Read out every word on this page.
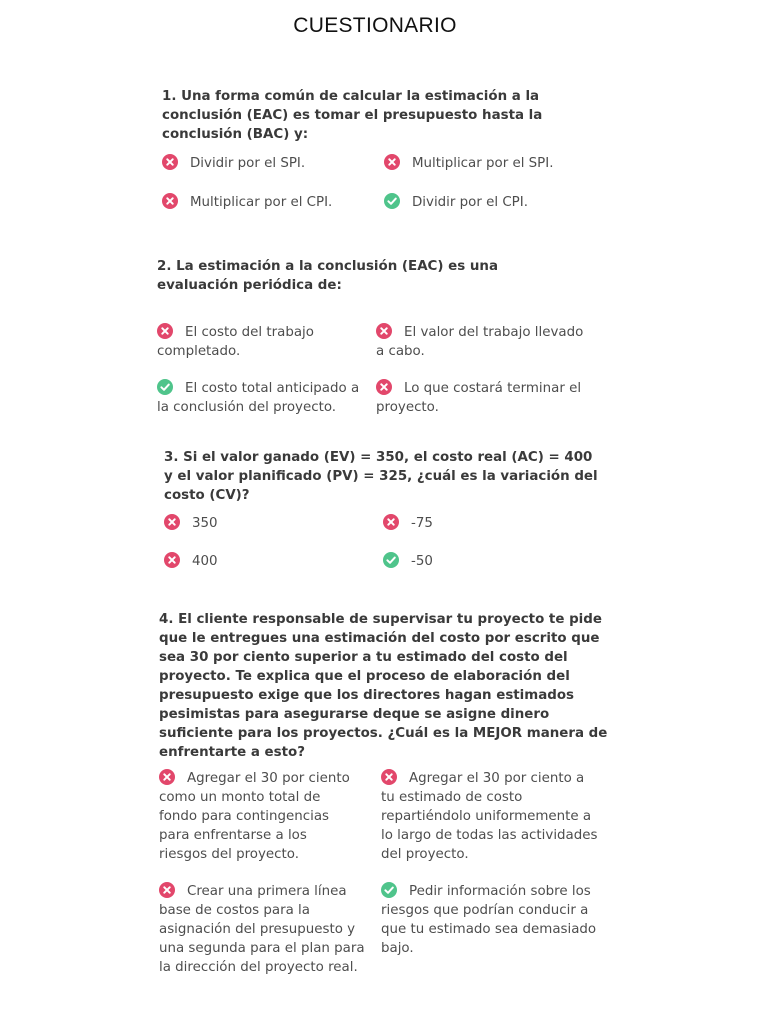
CUESTIONARIO
1. Una forma común de calcular la estimación a la conclusión (EAC) es tomar el presupuesto hasta la conclusión (BAC) y:
Dividir por el SPI.	Multiplicar por el SPI.
Multiplicar por el CPI.	Dividir por el CPI.
2. La estimación a la conclusión (EAC) es una evaluación periódica de:
El costo del trabajo completado.
El valor del trabajo llevado a cabo.
El costo total anticipado a la conclusión del proyecto.
Lo que costará terminar el proyecto.
3. Si el valor ganado (EV) = 350, el costo real (AC) = 400 y el valor planificado (PV) = 325, ¿cuál es la variación del costo (CV)?
350	-75
400	-50
4. El cliente responsable de supervisar tu proyecto te pide que le entregues una estimación del costo por escrito que sea 30 por ciento superior a tu estimado del costo del proyecto. Te explica que el proceso de elaboración del presupuesto exige que los directores hagan estimados pesimistas para asegurarse deque se asigne dinero suficiente para los proyectos. ¿Cuál es la MEJOR manera de enfrentarte a esto?
Agregar el 30 por ciento como un monto total de fondo para contingencias para enfrentarse a los riesgos del proyecto.
Agregar el 30 por ciento a tu estimado de costo repartiéndolo uniformemente a lo largo de todas las actividades del proyecto.
Crear una primera línea base de costos para la asignación del presupuesto y una segunda para el plan para la dirección del proyecto real.
Pedir información sobre los riesgos que podrían conducir a que tu estimado sea demasiado bajo.
